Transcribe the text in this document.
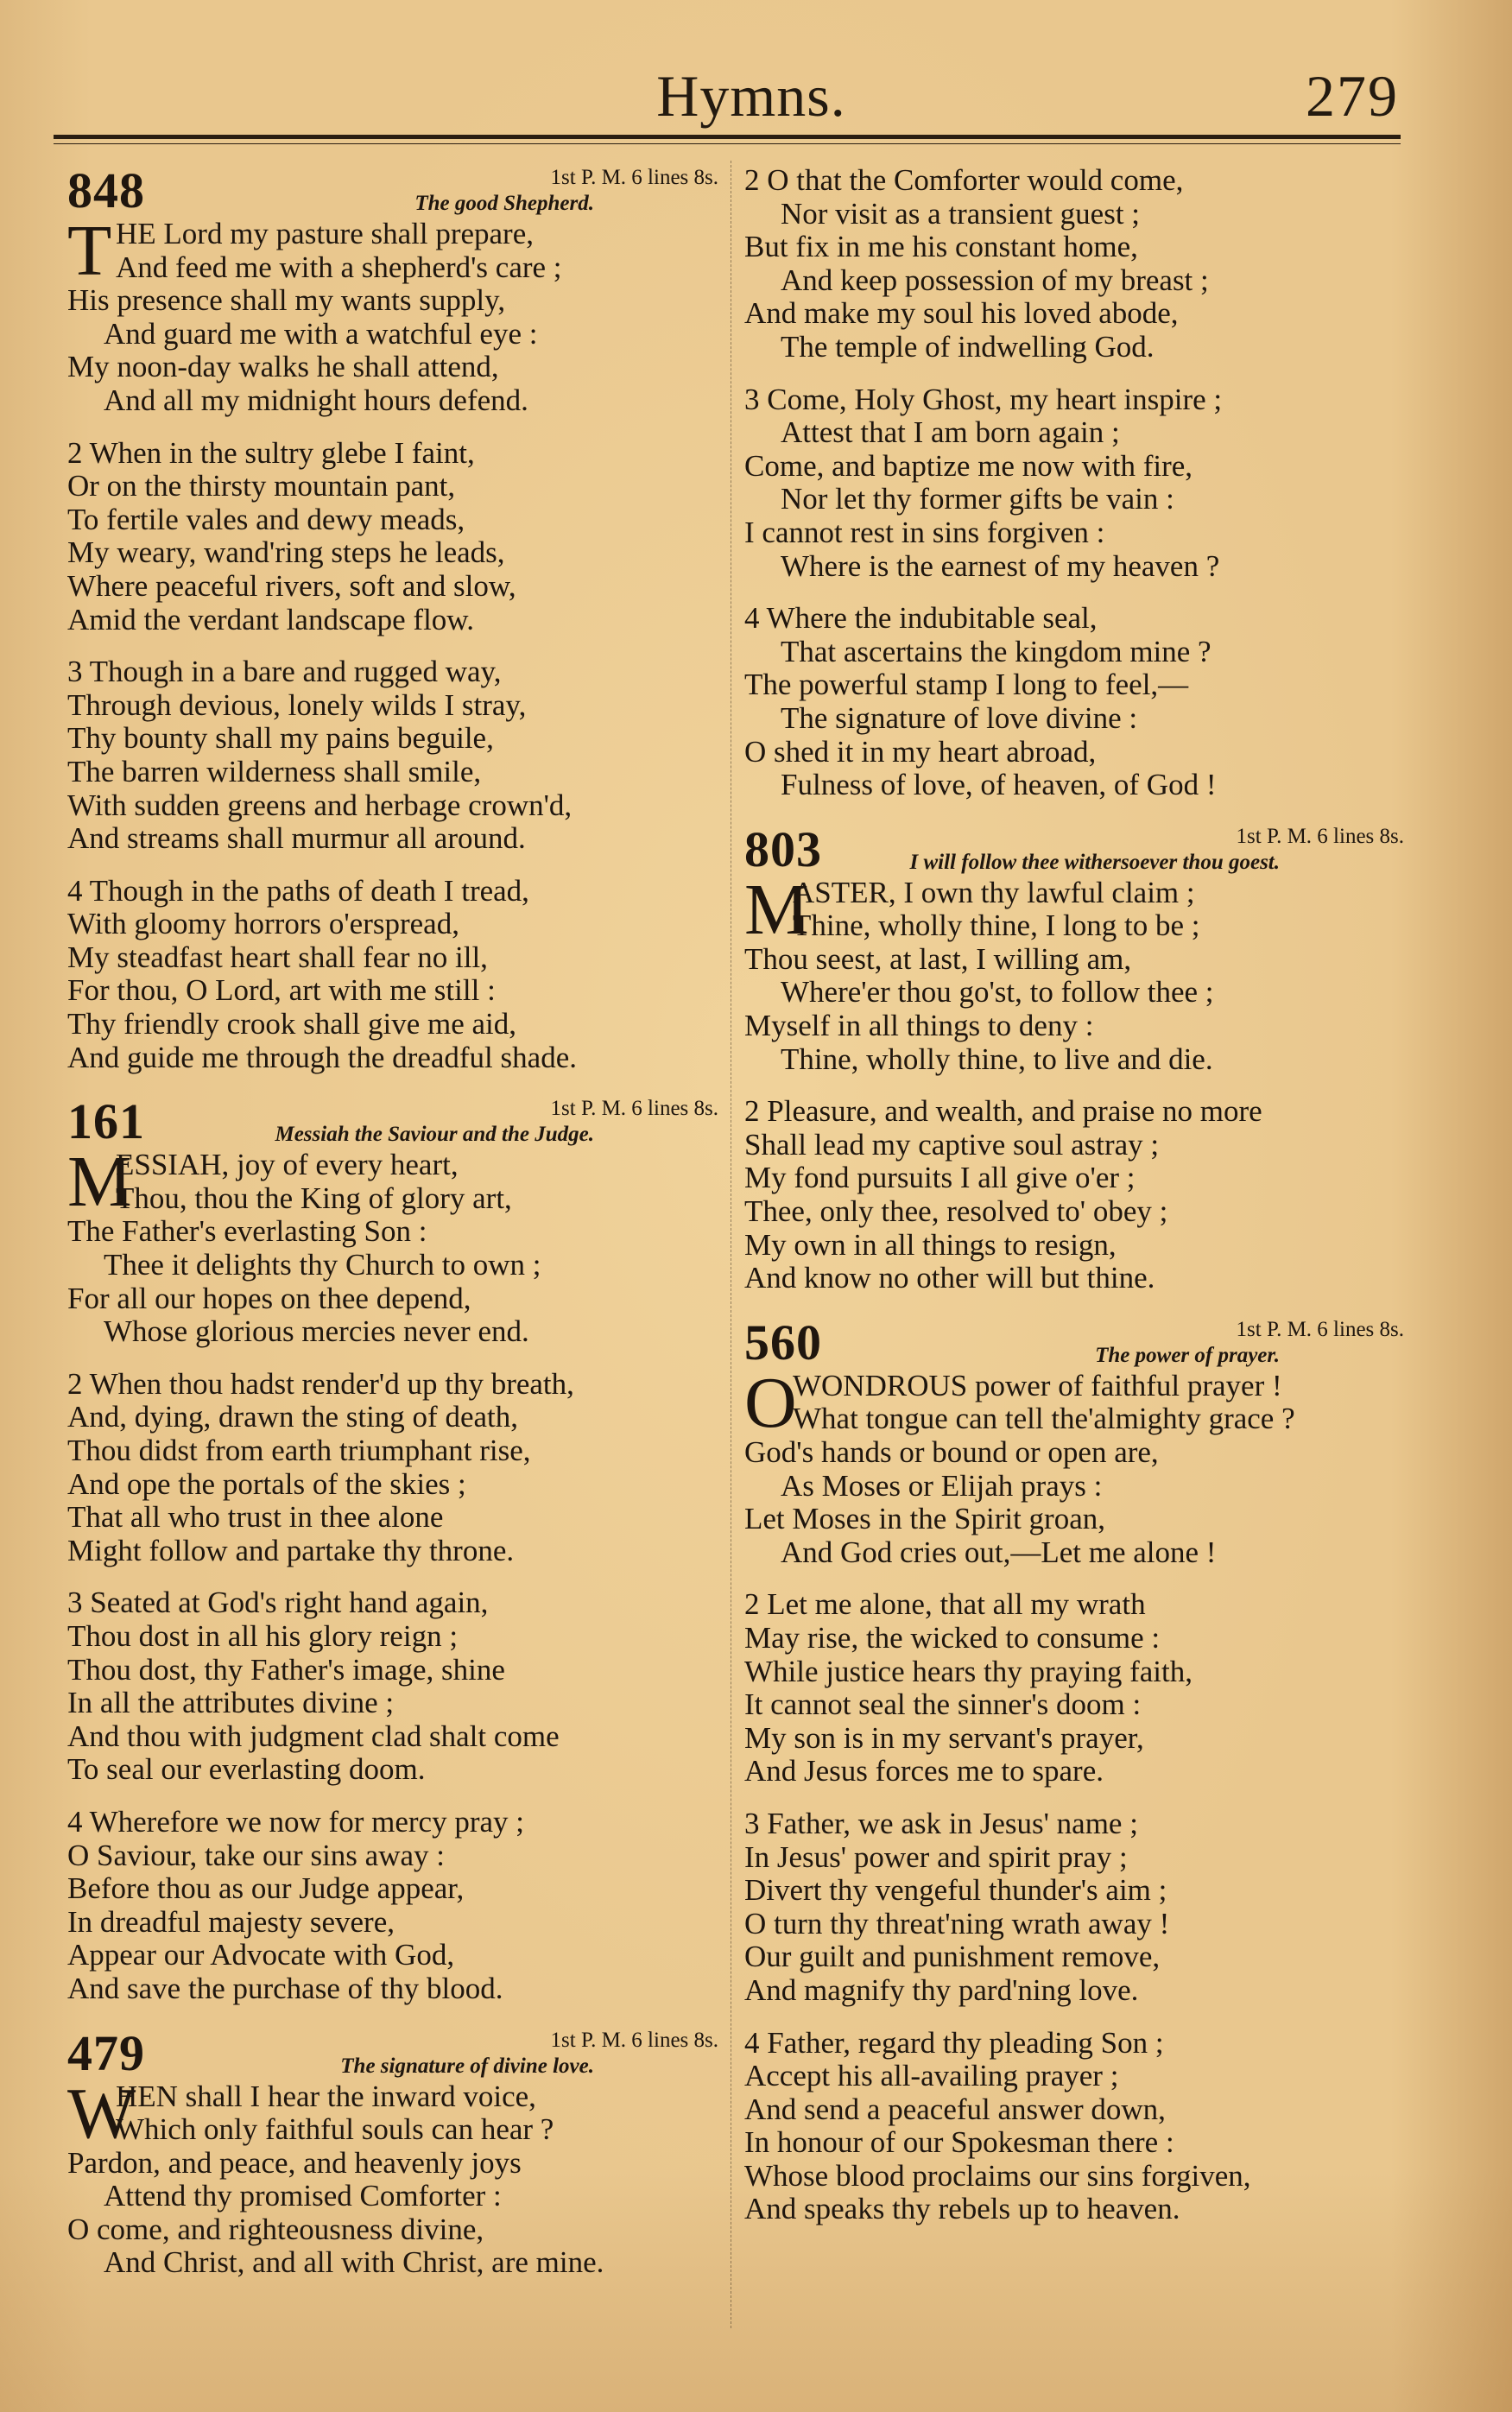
Hymns.	279
848	1st P. M. 6 lines 8s.
The good Shepherd.
T HE Lord my pasture shall prepare,
And feed me with a shepherd's care ;
His presence shall my wants supply,
And guard me with a watchful eye :
My noon-day walks he shall attend,
And all my midnight hours defend.
2 When in the sultry glebe I faint,
Or on the thirsty mountain pant,
To fertile vales and dewy meads,
My weary, wand'ring steps he leads,
Where peaceful rivers, soft and slow,
Amid the verdant landscape flow.
3 Though in a bare and rugged way,
Through devious, lonely wilds I stray,
Thy bounty shall my pains beguile,
The barren wilderness shall smile,
With sudden greens and herbage crown'd,
And streams shall murmur all around.
4 Though in the paths of death I tread,
With gloomy horrors o'erspread,
My steadfast heart shall fear no ill,
For thou, O Lord, art with me still :
Thy friendly crook shall give me aid,
And guide me through the dreadful shade.
161	1st P. M. 6 lines 8s.
Messiah the Saviour and the Judge.
M
ESSIAH, joy of every heart,
Thou, thou the King of glory art,
The Father's everlasting Son :
Thee it delights thy Church to own ;
For all our hopes on thee depend,
Whose glorious mercies never end.
2 When thou hadst render'd up thy breath,
And, dying, drawn the sting of death,
Thou didst from earth triumphant rise,
And ope the portals of the skies ;
That all who trust in thee alone
Might follow and partake thy throne.
3 Seated at God's right hand again,
Thou dost in all his glory reign ;
Thou dost, thy Father's image, shine
In all the attributes divine ;
And thou with judgment clad shalt come
To seal our everlasting doom.
4 Wherefore we now for mercy pray ;
O Saviour, take our sins away :
Before thou as our Judge appear,
In dreadful majesty severe,
Appear our Advocate with God,
And save the purchase of thy blood.
479	1st P. M. 6 lines 8s.
The signature of divine love.
W
HEN shall I hear the inward voice,
Which only faithful souls can hear ?
Pardon, and peace, and heavenly joys
Attend thy promised Comforter :
O come, and righteousness divine,
And Christ, and all with Christ, are mine.
2 O that the Comforter would come,
Nor visit as a transient guest ;
But fix in me his constant home,
And keep possession of my breast ;
And make my soul his loved abode,
The temple of indwelling God.
3 Come, Holy Ghost, my heart inspire ;
Attest that I am born again ;
Come, and baptize me now with fire,
Nor let thy former gifts be vain :
I cannot rest in sins forgiven :
Where is the earnest of my heaven ?
4 Where the indubitable seal,
That ascertains the kingdom mine ?
The powerful stamp I long to feel,—
The signature of love divine :
O shed it in my heart abroad,
Fulness of love, of heaven, of God !
803	1st P. M. 6 lines 8s.
I will follow thee withersoever thou goest.
M
ASTER, I own thy lawful claim ;
Thine, wholly thine, I long to be ;
Thou seest, at last, I willing am,
Where'er thou go'st, to follow thee ;
Myself in all things to deny :
Thine, wholly thine, to live and die.
2 Pleasure, and wealth, and praise no more
Shall lead my captive soul astray ;
My fond pursuits I all give o'er ;
Thee, only thee, resolved to' obey ;
My own in all things to resign,
And know no other will but thine.
560	1st P. M. 6 lines 8s.
The power of prayer.
O
WONDROUS power of faithful prayer !
What tongue can tell the'almighty grace ?
God's hands or bound or open are,
As Moses or Elijah prays :
Let Moses in the Spirit groan,
And God cries out,—Let me alone !
2 Let me alone, that all my wrath
May rise, the wicked to consume :
While justice hears thy praying faith,
It cannot seal the sinner's doom :
My son is in my servant's prayer,
And Jesus forces me to spare.
3 Father, we ask in Jesus' name ;
In Jesus' power and spirit pray ;
Divert thy vengeful thunder's aim ;
O turn thy threat'ning wrath away !
Our guilt and punishment remove,
And magnify thy pard'ning love.
4 Father, regard thy pleading Son ;
Accept his all-availing prayer ;
And send a peaceful answer down,
In honour of our Spokesman there :
Whose blood proclaims our sins forgiven,
And speaks thy rebels up to heaven.
